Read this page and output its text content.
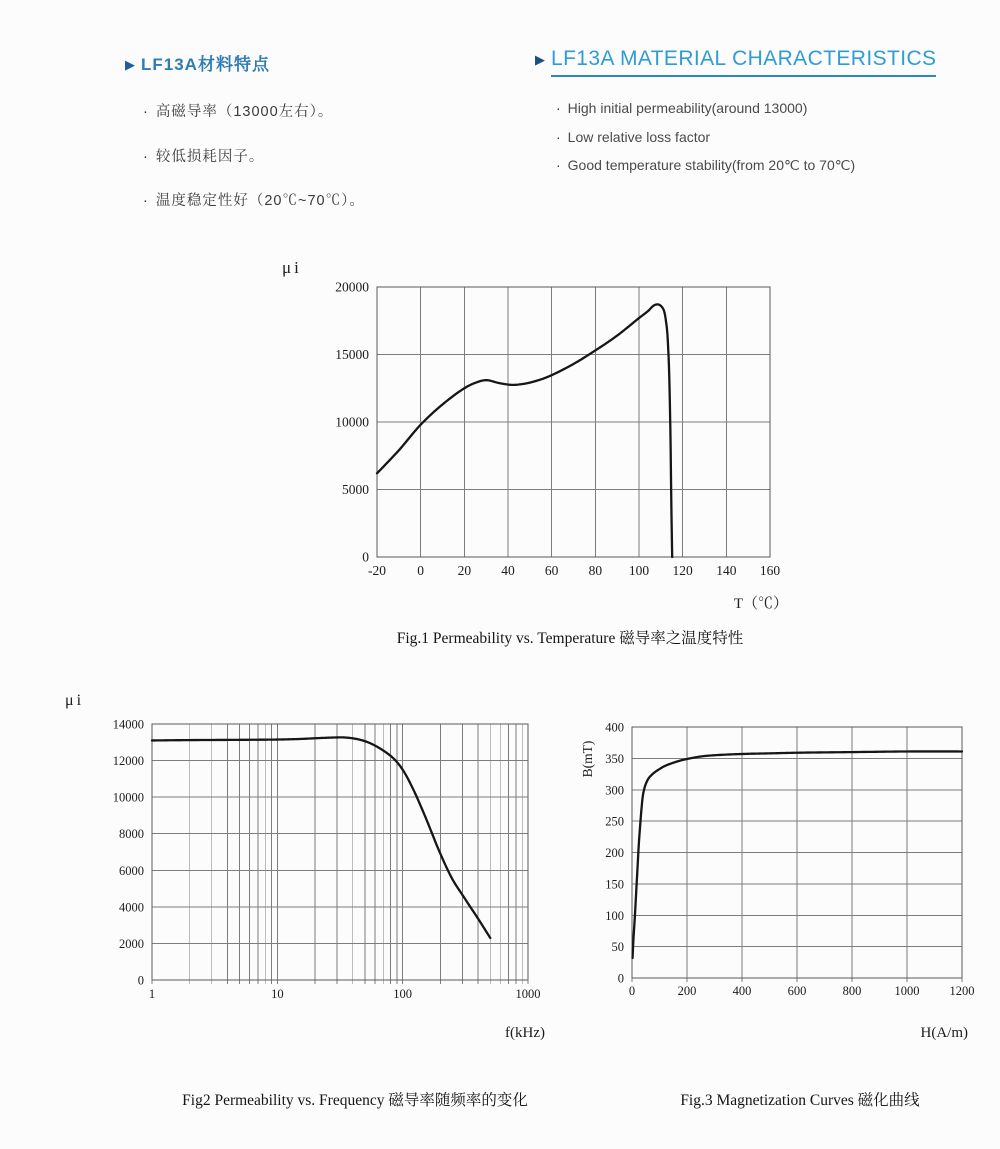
▶ LF13A材料特点
· 高磁导率（13000左右）。
· 较低损耗因子。
· 温度稳定性好（20℃~70℃）。
▶ LF13A MATERIAL CHARACTERISTICS
· High initial permeability(around 13000)
· Low relative loss factor
· Good temperature stability(from 20℃ to 70℃)
-20 0 20 40 60 80 100 120 140 160
0
5000
10000
15000
20000
μi
T（℃）
Fig.1 Permeability vs. Temperature 磁导率之温度特性
1	10	100	1000
0
2000
4000
6000
8000
10000
12000
14000
μi
f(kHz)
Fig2 Permeability vs. Frequency 磁导率随频率的变化
0	200	400	600	800	1000 1200
0
50
100
150
200
250
300
350
400
B(mT)
H(A/m)
Fig.3 Magnetization Curves 磁化曲线
